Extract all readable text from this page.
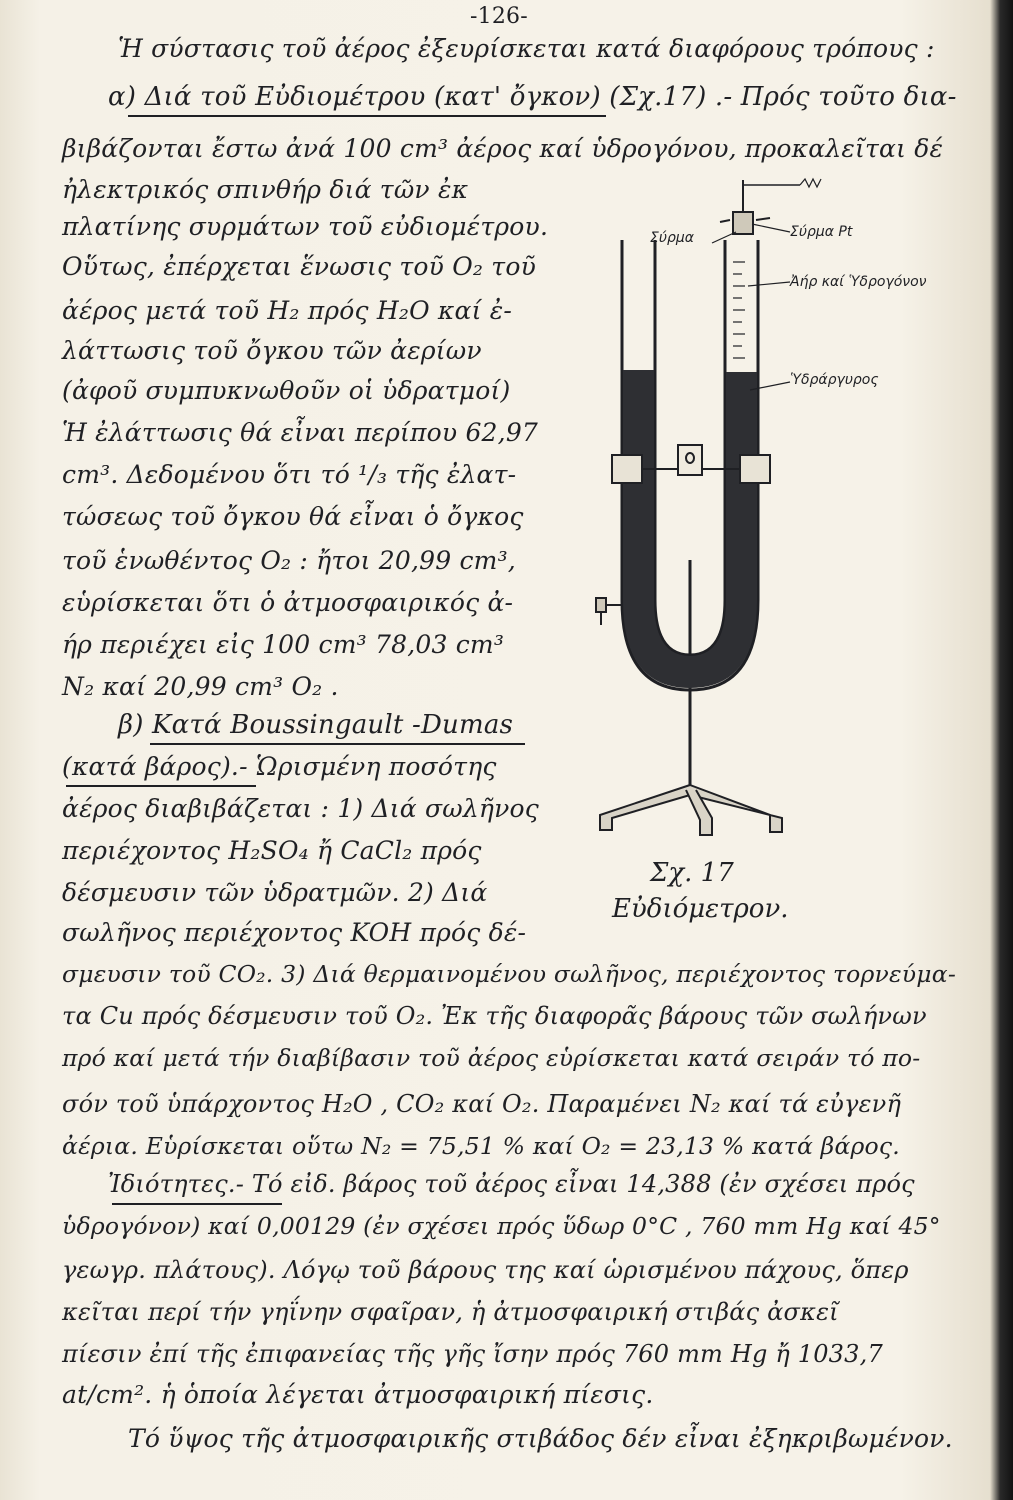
-126-
Ἡ σύστασις τοῦ ἀέρος ἐξευρίσκεται κατά διαφόρους τρόπους :
α) Διά τοῦ Εὐδιομέτρου (κατ' ὄγκον) (Σχ.17) .- Πρός τοῦτο δια-
βιβάζονται ἔστω ἀνά 100 cm³ ἀέρος καί ὑδρογόνου, προκαλεῖται δέ
ἠλεκτρικός σπινθήρ διά τῶν ἐκ
πλατίνης συρμάτων τοῦ εὐδιομέτρου.
Οὕτως, ἐπέρχεται ἕνωσις τοῦ O₂ τοῦ
ἀέρος μετά τοῦ H₂ πρός H₂O καί ἐ-
λάττωσις τοῦ ὄγκου τῶν ἀερίων
(ἀφοῦ συμπυκνωθοῦν οἱ ὑδρατμοί)
Ἡ ἐλάττωσις θά εἶναι περίπου 62,97
cm³. Δεδομένου ὅτι τό ¹/₃ τῆς ἐλατ-
τώσεως τοῦ ὄγκου θά εἶναι ὁ ὄγκος
τοῦ ἑνωθέντος O₂ : ἤτοι 20,99 cm³,
εὑρίσκεται ὅτι ὁ ἀτμοσφαιρικός ἀ-
ήρ περιέχει εἰς 100 cm³ 78,03 cm³
N₂ καί 20,99 cm³ O₂ .
β) Κατά Boussingault -Dumas
(κατά βάρος).- Ὡρισμένη ποσότης
ἀέρος διαβιβάζεται : 1) Διά σωλῆνος
περιέχοντος H₂SO₄ ἤ CaCl₂ πρός
δέσμευσιν τῶν ὑδρατμῶν. 2) Διά
σωλῆνος περιέχοντος KOH πρός δέ-
σμευσιν τοῦ CO₂. 3) Διά θερμαινομένου σωλῆνος, περιέχοντος τορνεύμα-
τα Cu πρός δέσμευσιν τοῦ O₂. Ἐκ τῆς διαφορᾶς βάρους τῶν σωλήνων
πρό καί μετά τήν διαβίβασιν τοῦ ἀέρος εὑρίσκεται κατά σειράν τό πο-
σόν τοῦ ὑπάρχοντος H₂O , CO₂ καί O₂. Παραμένει N₂ καί τά εὐγενῆ
ἀέρια. Εὑρίσκεται οὕτω N₂ = 75,51 % καί O₂ = 23,13 % κατά βάρος.
Ἰδιότητες.- Τό εἰδ. βάρος τοῦ ἀέρος εἶναι 14,388 (ἐν σχέσει πρός
ὑδρογόνον) καί 0,00129 (ἐν σχέσει πρός ὕδωρ 0°C , 760 mm Hg καί 45°
γεωγρ. πλάτους). Λόγῳ τοῦ βάρους της καί ὡρισμένου πάχους, ὅπερ
κεῖται περί τήν γηΐνην σφαῖραν, ἡ ἀτμοσφαιρική στιβάς ἀσκεῖ
πίεσιν ἐπί τῆς ἐπιφανείας τῆς γῆς ἴσην πρός 760 mm Hg ἤ 1033,7
at/cm². ἡ ὁποία λέγεται ἀτμοσφαιρική πίεσις.
Τό ὕψος τῆς ἀτμοσφαιρικῆς στιβάδος δέν εἶναι ἐξηκριβωμένον.
Σύρμα	Σύρμα Pt
Ἀήρ καί Ὑδρογόνον
Ὑδράργυρος
Σχ. 17
Εὐδιόμετρον.
